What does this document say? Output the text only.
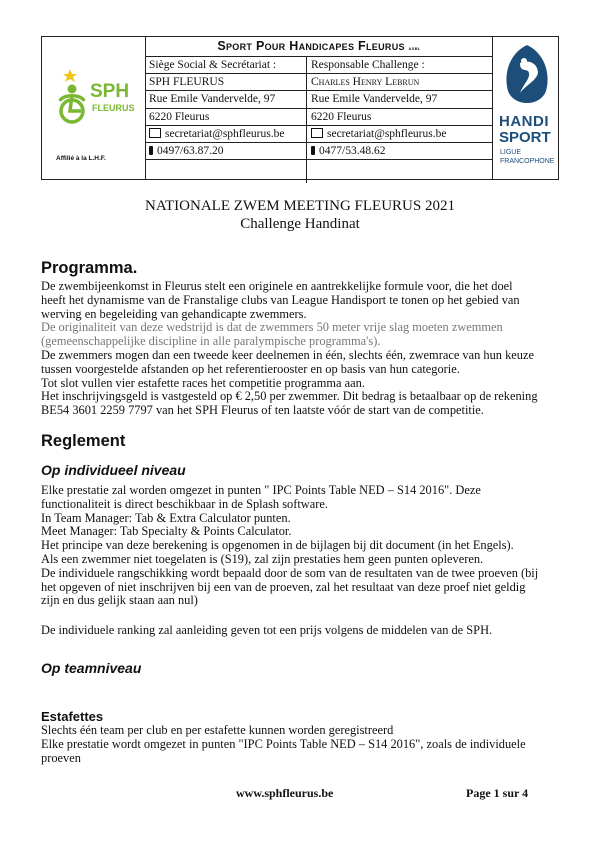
SPH
FLEURUS
HANDI
SPORT
LIGUE
FRANCOPHONE
Affilié à la L.H.F.
Sport Pour Handicapes Fleurus asbl
Siège Social & Secrétariat :	Responsable Challenge :
SPH FLEURUS	Charles Henry Lebrun
Rue Emile Vandervelde, 97	Rue Emile Vandervelde, 97
6220 Fleurus	6220 Fleurus
secretariat@sphfleurus.be	secretariat@sphfleurus.be
0497/63.87.20	0477/53.48.62
NATIONALE ZWEM MEETING FLEURUS 2021
Challenge Handinat
Programma.
De zwembijeenkomst in Fleurus stelt een originele en aantrekkelijke formule voor, die het doel
heeft het dynamisme van de Franstalige clubs van League Handisport te tonen op het gebied van
werving en begeleiding van gehandicapte zwemmers.
De originaliteit van deze wedstrijd is dat de zwemmers 50 meter vrije slag moeten zwemmen
(gemeenschappelijke discipline in alle paralympische programma's).
De zwemmers mogen dan een tweede keer deelnemen in één, slechts één, zwemrace van hun keuze
tussen voorgestelde afstanden op het referentierooster en op basis van hun categorie.
Tot slot vullen vier estafette races het competitie programma aan.
Het inschrijvingsgeld is vastgesteld op € 2,50 per zwemmer. Dit bedrag is betaalbaar op de rekening
BE54 3601 2259 7797 van het SPH Fleurus of ten laatste vóór de start van de competitie.
Reglement
Op individueel niveau
Elke prestatie zal worden omgezet in punten " IPC Points Table NED – S14 2016". Deze
functionaliteit is direct beschikbaar in de Splash software.
In Team Manager: Tab & Extra Calculator punten.
Meet Manager: Tab Specialty & Points Calculator.
Het principe van deze berekening is opgenomen in de bijlagen bij dit document (in het Engels).
Als een zwemmer niet toegelaten is (S19), zal zijn prestaties hem geen punten opleveren.
De individuele rangschikking wordt bepaald door de som van de resultaten van de twee proeven (bij
het opgeven of niet inschrijven bij een van de proeven, zal het resultaat van deze proef niet geldig
zijn en dus gelijk staan aan nul)
De individuele ranking zal aanleiding geven tot een prijs volgens de middelen van de SPH.
Op teamniveau
Estafettes
Slechts één team per club en per estafette kunnen worden geregistreerd
Elke prestatie wordt omgezet in punten "IPC Points Table NED – S14 2016", zoals de individuele
proeven
www.sphfleurus.be	Page 1 sur 4
